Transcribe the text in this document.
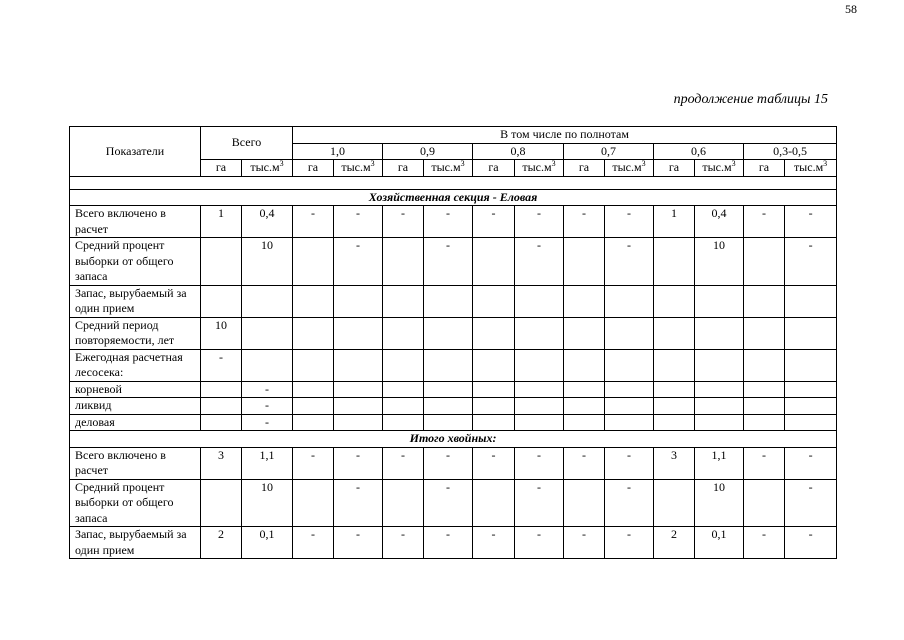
58
продолжение таблицы 15
Показатели	Всего		В том числе по полнотам											
			1,0		0,9		0,8		0,7		0,6		0,3-0,5	
	га	$тыс.м^3$	га	$тыс.м^3$	га	$тыс.м^3$	га	$тыс.м^3$	га	$тыс.м^3$	га	$тыс.м^3$	га	$тыс.м^3$

Хозяйственная секция - Еловая														
Всего включено в расчет	1	0,4	-	-	-	-	-	-	-	-	1	0,4	-	-
Средний процент выборки от общего запаса		10		-		-		-		-		10		-
Запас, вырубаемый за один прием														
Средний период повторяемости, лет	10													
Ежегодная расчетная лесосека:	-													
корневой		-												
ликвид		-												
деловая		-												
Итого хвойных:														
Всего включено в расчет	3	1,1	-	-	-	-	-	-	-	-	3	1,1	-	-
Средний процент выборки от общего запаса		10		-		-		-		-		10		-
Запас, вырубаемый за один прием	2	0,1	-	-	-	-	-	-	-	-	2	0,1	-	-
